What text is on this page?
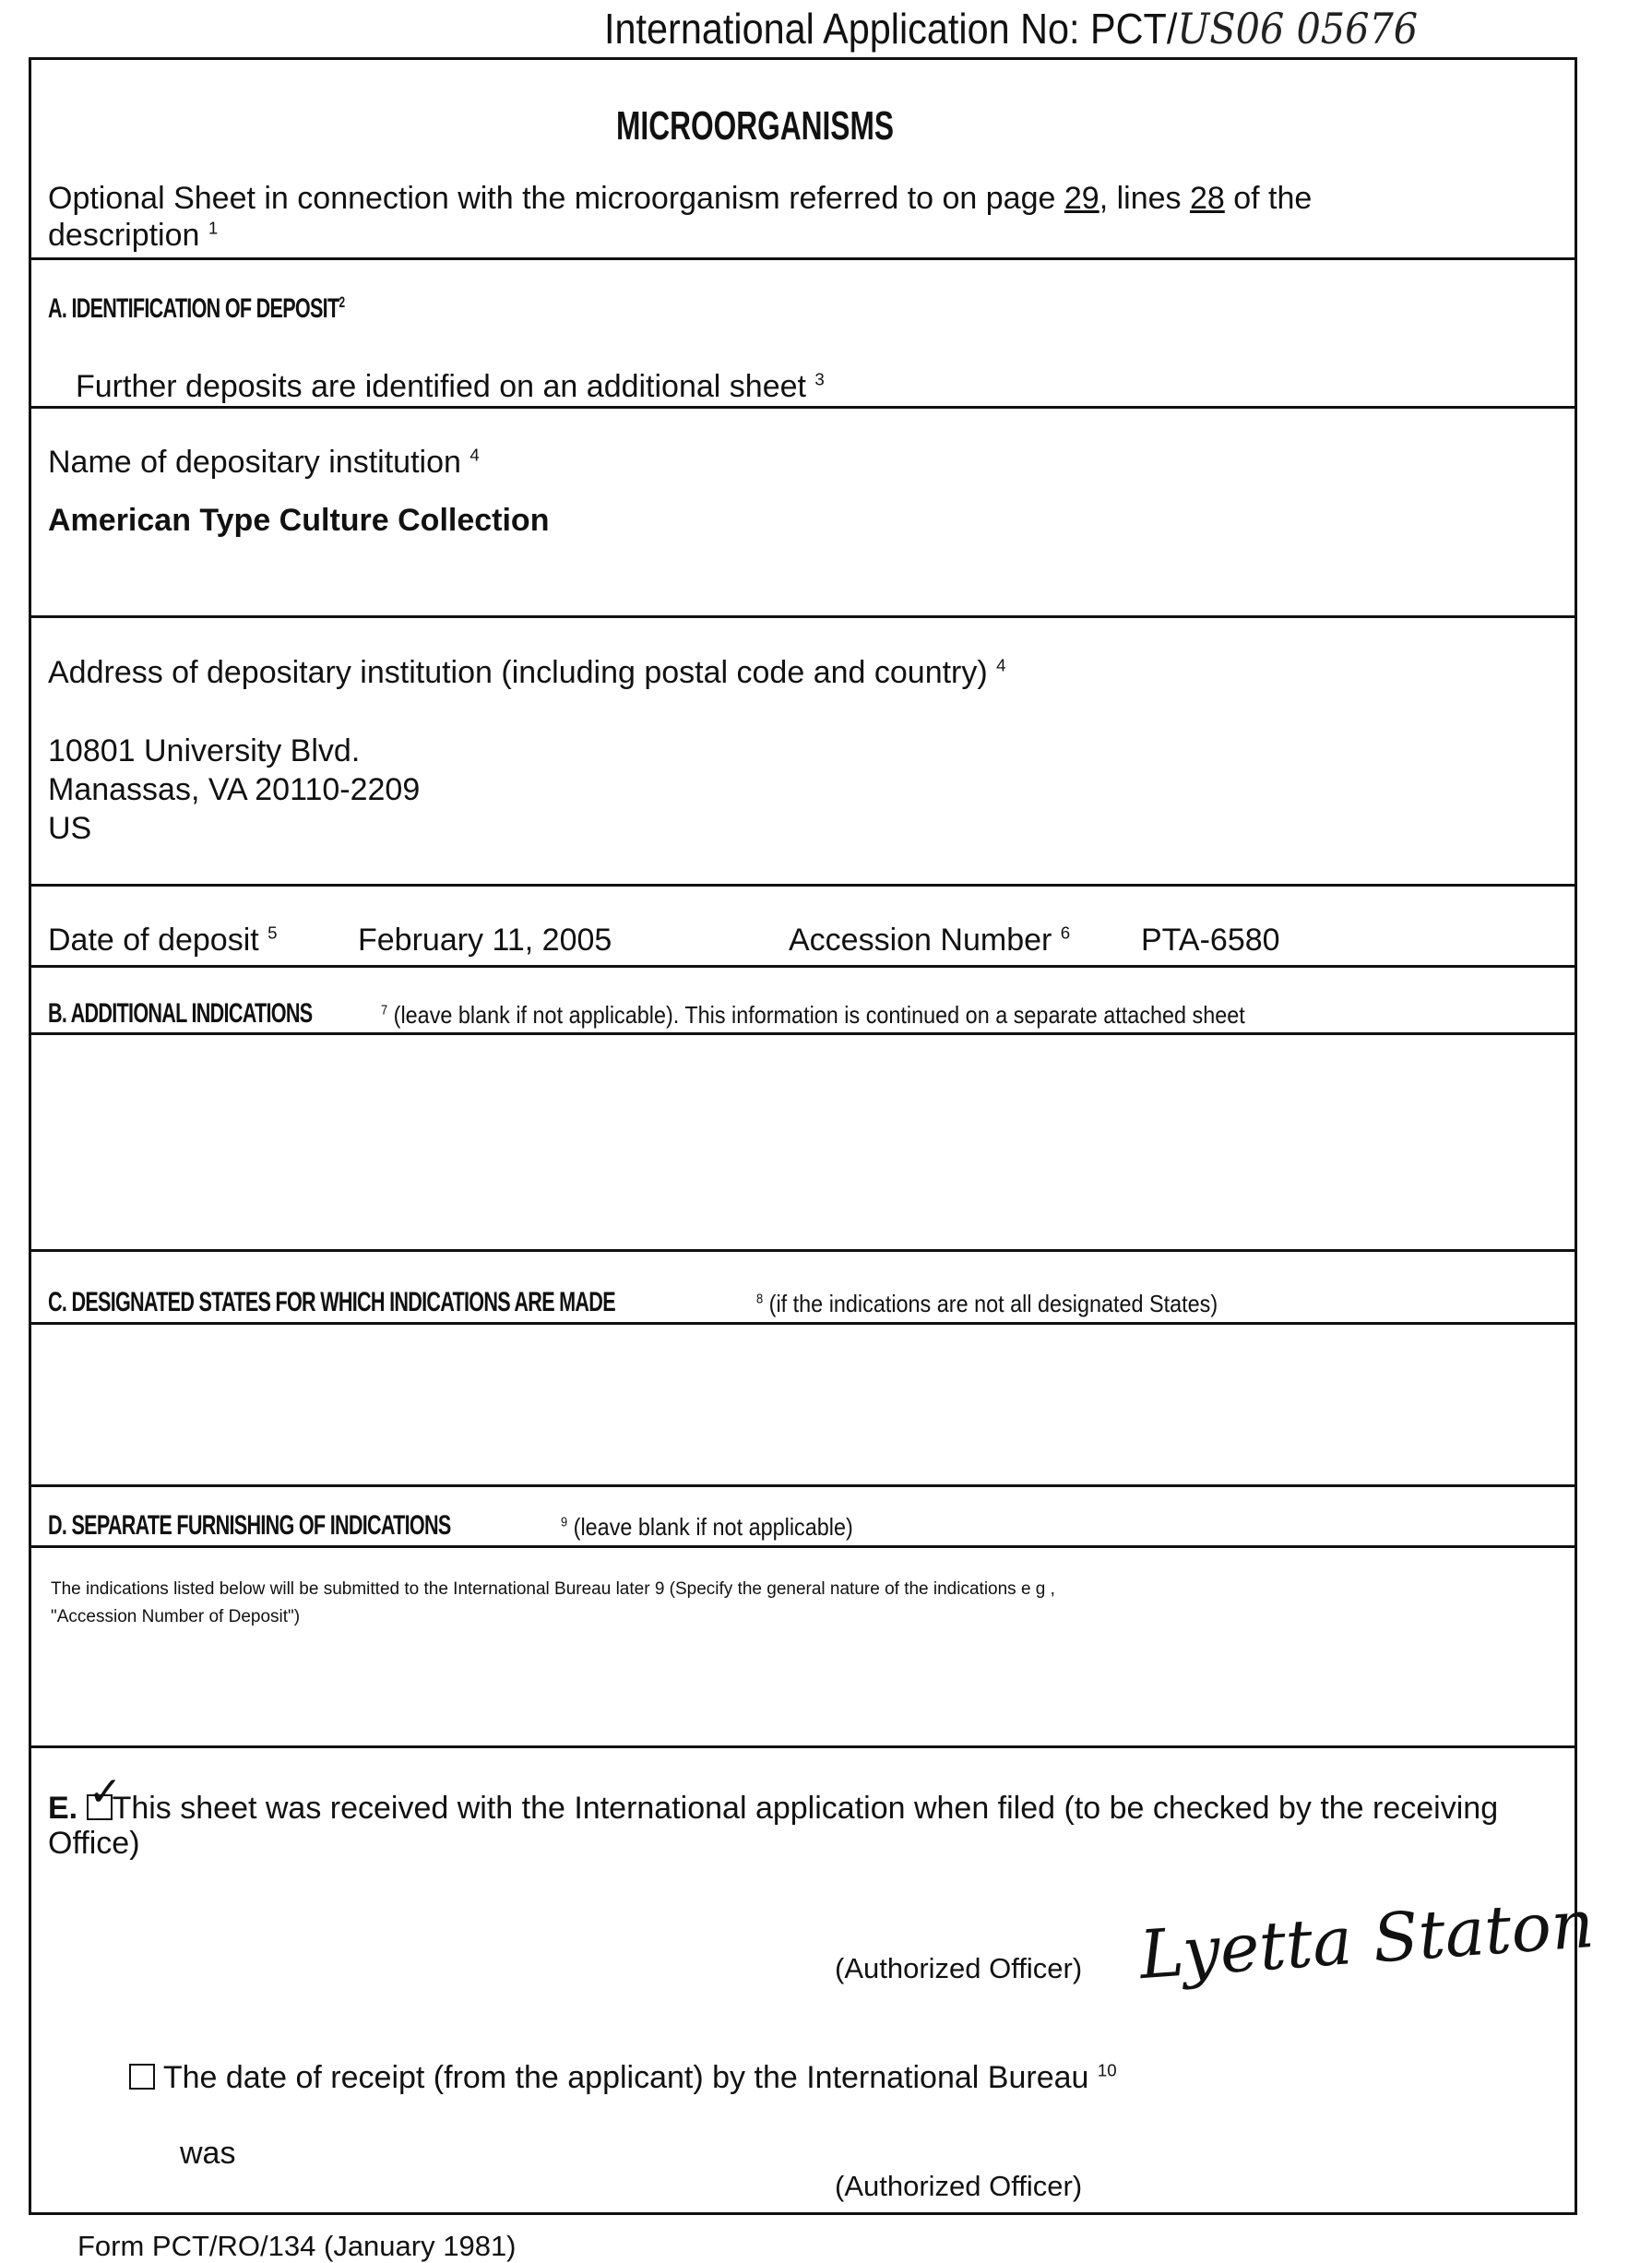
International Application No: PCT/US06 05676
MICROORGANISMS
Optional Sheet in connection with the microorganism referred to on page 29, lines 28 of the
description 1
A. IDENTIFICATION OF DEPOSIT2
Further deposits are identified on an additional sheet 3
Name of depositary institution 4
American Type Culture Collection
Address of depositary institution (including postal code and country) 4
10801 University Blvd.
Manassas, VA 20110-2209
US
Date of deposit 5	February 11, 2005	Accession Number 6 PTA-6580
B. ADDITIONAL INDICATIONS	7 (leave blank if not applicable). This information is continued on a separate attached sheet
C. DESIGNATED STATES FOR WHICH INDICATIONS ARE MADE	8 (if the indications are not all designated States)
D. SEPARATE FURNISHING OF INDICATIONS	9 (leave blank if not applicable)
The indications listed below will be submitted to the International Bureau later 9 (Specify the general nature of the indications e g ,
"Accession Number of Deposit")
E. ✓
This sheet was received with the International application when filed (to be checked by the receiving
Office)
(Authorized Officer) Lyetta Staton
The date of receipt (from the applicant) by the International Bureau 10
was
(Authorized Officer)
Form PCT/RO/134 (January 1981)
